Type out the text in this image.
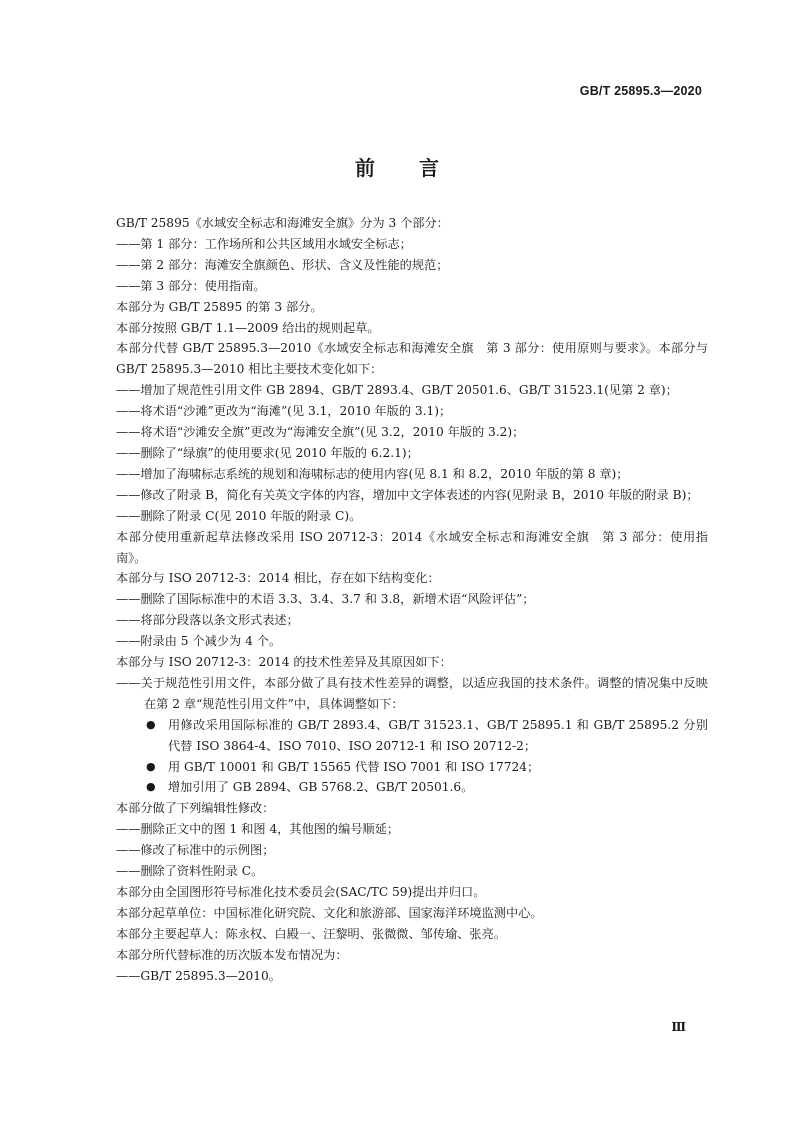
GB/T 25895.3—2020
前言

GB/T 25895《水域安全标志和海滩安全旗》分为 3 个部分：

——第 1 部分：工作场所和公共区域用水域安全标志；

——第 2 部分：海滩安全旗颜色、形状、含义及性能的规范；

——第 3 部分：使用指南。

本部分为 GB/T 25895 的第 3 部分。

本部分按照 GB/T 1.1—2009 给出的规则起草。

本部分代替 GB/T 25895.3—2010《水域安全标志和海滩安全旗　第 3 部分：使用原则与要求》。本部分与 GB/T 25895.3—2010 相比主要技术变化如下：

——增加了规范性引用文件 GB 2894、GB/T 2893.4、GB/T 20501.6、GB/T 31523.1(见第 2 章)；

——将术语“沙滩”更改为“海滩”(见 3.1，2010 年版的 3.1)；

——将术语“沙滩安全旗”更改为“海滩安全旗”(见 3.2，2010 年版的 3.2)；

——删除了“绿旗”的使用要求(见 2010 年版的 6.2.1)；

——增加了海啸标志系统的规划和海啸标志的使用内容(见 8.1 和 8.2，2010 年版的第 8 章)；

——修改了附录 B，简化有关英文字体的内容，增加中文字体表述的内容(见附录 B，2010 年版的附录 B)；

——删除了附录 C(见 2010 年版的附录 C)。

本部分使用重新起草法修改采用 ISO 20712-3：2014《水域安全标志和海滩安全旗　第 3 部分：使用指南》。

本部分与 ISO 20712-3：2014 相比，存在如下结构变化：

——删除了国际标准中的术语 3.3、3.4、3.7 和 3.8，新增术语“风险评估”；

——将部分段落以条文形式表述；

——附录由 5 个减少为 4 个。

本部分与 ISO 20712-3：2014 的技术性差异及其原因如下：

——关于规范性引用文件，本部分做了具有技术性差异的调整，以适应我国的技术条件。调整的情况集中反映在第 2 章“规范性引用文件”中，具体调整如下：

● 用修改采用国际标准的 GB/T 2893.4、GB/T 31523.1、GB/T 25895.1 和 GB/T 25895.2 分别代替 ISO 3864-4、ISO 7010、ISO 20712-1 和 ISO 20712-2；

● 用 GB/T 10001 和 GB/T 15565 代替 ISO 7001 和 ISO 17724；

● 增加引用了 GB 2894、GB 5768.2、GB/T 20501.6。

本部分做了下列编辑性修改：

——删除正文中的图 1 和图 4，其他图的编号顺延；

——修改了标准中的示例图；

——删除了资料性附录 C。

本部分由全国图形符号标准化技术委员会(SAC/TC 59)提出并归口。

本部分起草单位：中国标准化研究院、文化和旅游部、国家海洋环境监测中心。

本部分主要起草人：陈永权、白殿一、汪黎明、张微微、邹传瑜、张亮。

本部分所代替标准的历次版本发布情况为：

——GB/T 25895.3—2010。

Ⅲ
